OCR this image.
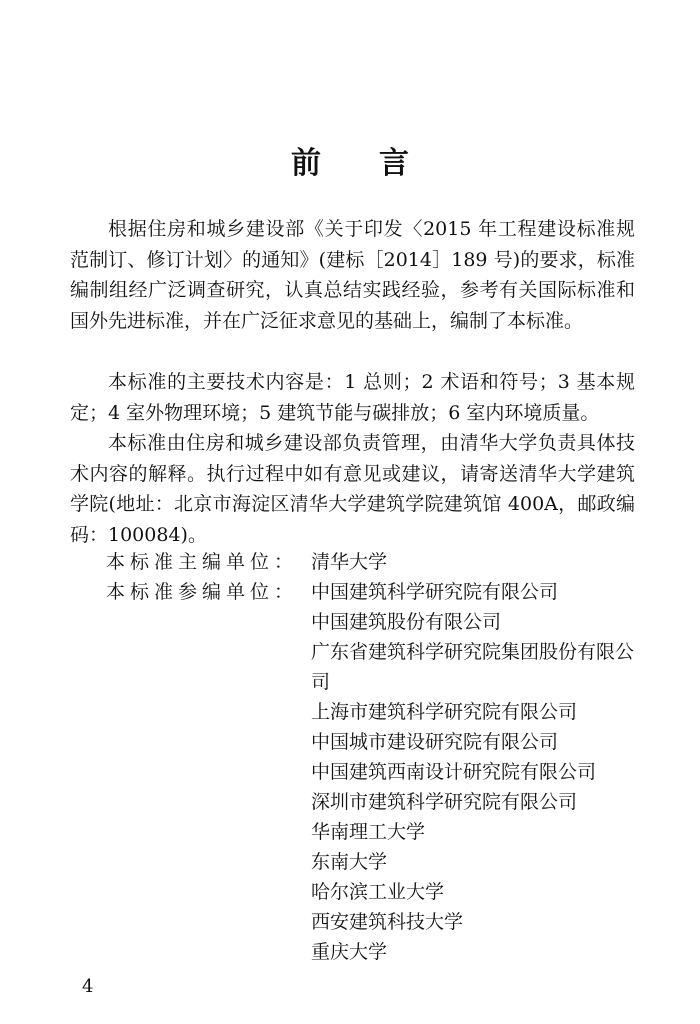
前 言

根据住房和城乡建设部《关于印发〈2015 年工程建设标准规范制订、修订计划〉的通知》(建标［2014］189 号)的要求，标准编制组经广泛调查研究，认真总结实践经验，参考有关国际标准和国外先进标准，并在广泛征求意见的基础上，编制了本标准。

本标准的主要技术内容是：1 总则；2 术语和符号；3 基本规定；4 室外物理环境；5 建筑节能与碳排放；6 室内环境质量。

本标准由住房和城乡建设部负责管理，由清华大学负责具体技术内容的解释。执行过程中如有意见或建议，请寄送清华大学建筑学院(地址：北京市海淀区清华大学建筑学院建筑馆 400A，邮政编码：100084)。

本标准主编单位： 清华大学
本标准参编单位： 中国建筑科学研究院有限公司
中国建筑股份有限公司
广东省建筑科学研究院集团股份有限公司
上海市建筑科学研究院有限公司
中国城市建设研究院有限公司
中国建筑西南设计研究院有限公司
深圳市建筑科学研究院有限公司
华南理工大学
东南大学
哈尔滨工业大学
西安建筑科技大学
重庆大学
4
